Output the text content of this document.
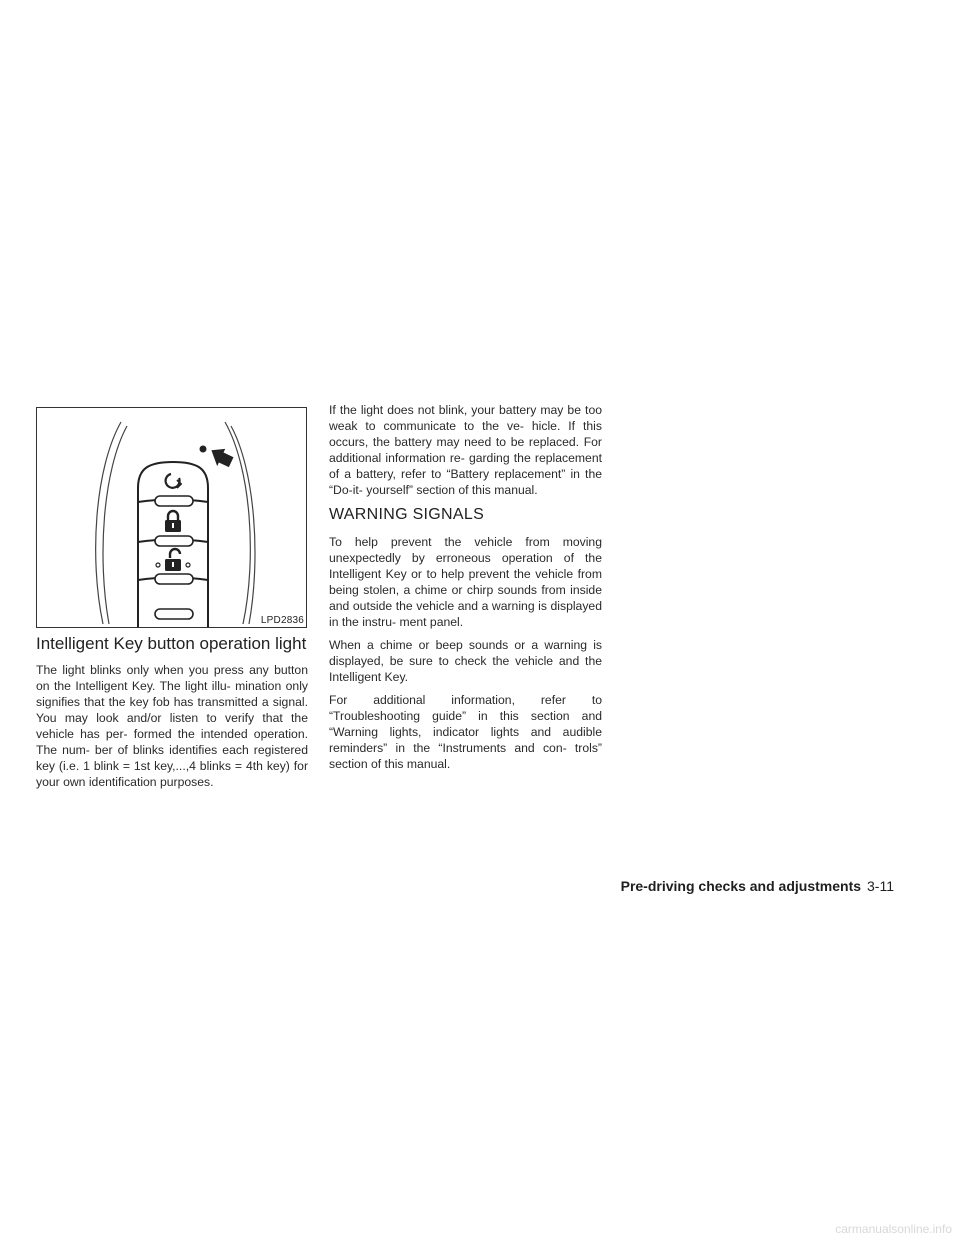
LPD2836
Intelligent Key button operation light

The light blinks only when you press any button on the Intelligent Key. The light illu- mination only signifies that the key fob has transmitted a signal. You may look and/or listen to verify that the vehicle has per- formed the intended operation. The num- ber of blinks identifies each registered key (i.e. 1 blink = 1st key,...,4 blinks = 4th key) for your own identification purposes.

If the light does not blink, your battery may be too weak to communicate to the ve- hicle. If this occurs, the battery may need to be replaced. For additional information re- garding the replacement of a battery, refer to “Battery replacement” in the “Do-it- yourself” section of this manual.

WARNING SIGNALS

To help prevent the vehicle from moving unexpectedly by erroneous operation of the Intelligent Key or to help prevent the vehicle from being stolen, a chime or chirp sounds from inside and outside the vehicle and a warning is displayed in the instru- ment panel.

When a chime or beep sounds or a warning is displayed, be sure to check the vehicle and the Intelligent Key.

For additional information, refer to “Troubleshooting guide” in this section and “Warning lights, indicator lights and audible reminders” in the “Instruments and con- trols” section of this manual.

Pre-driving checks and adjustments 3-11
carmanualsonline.info
